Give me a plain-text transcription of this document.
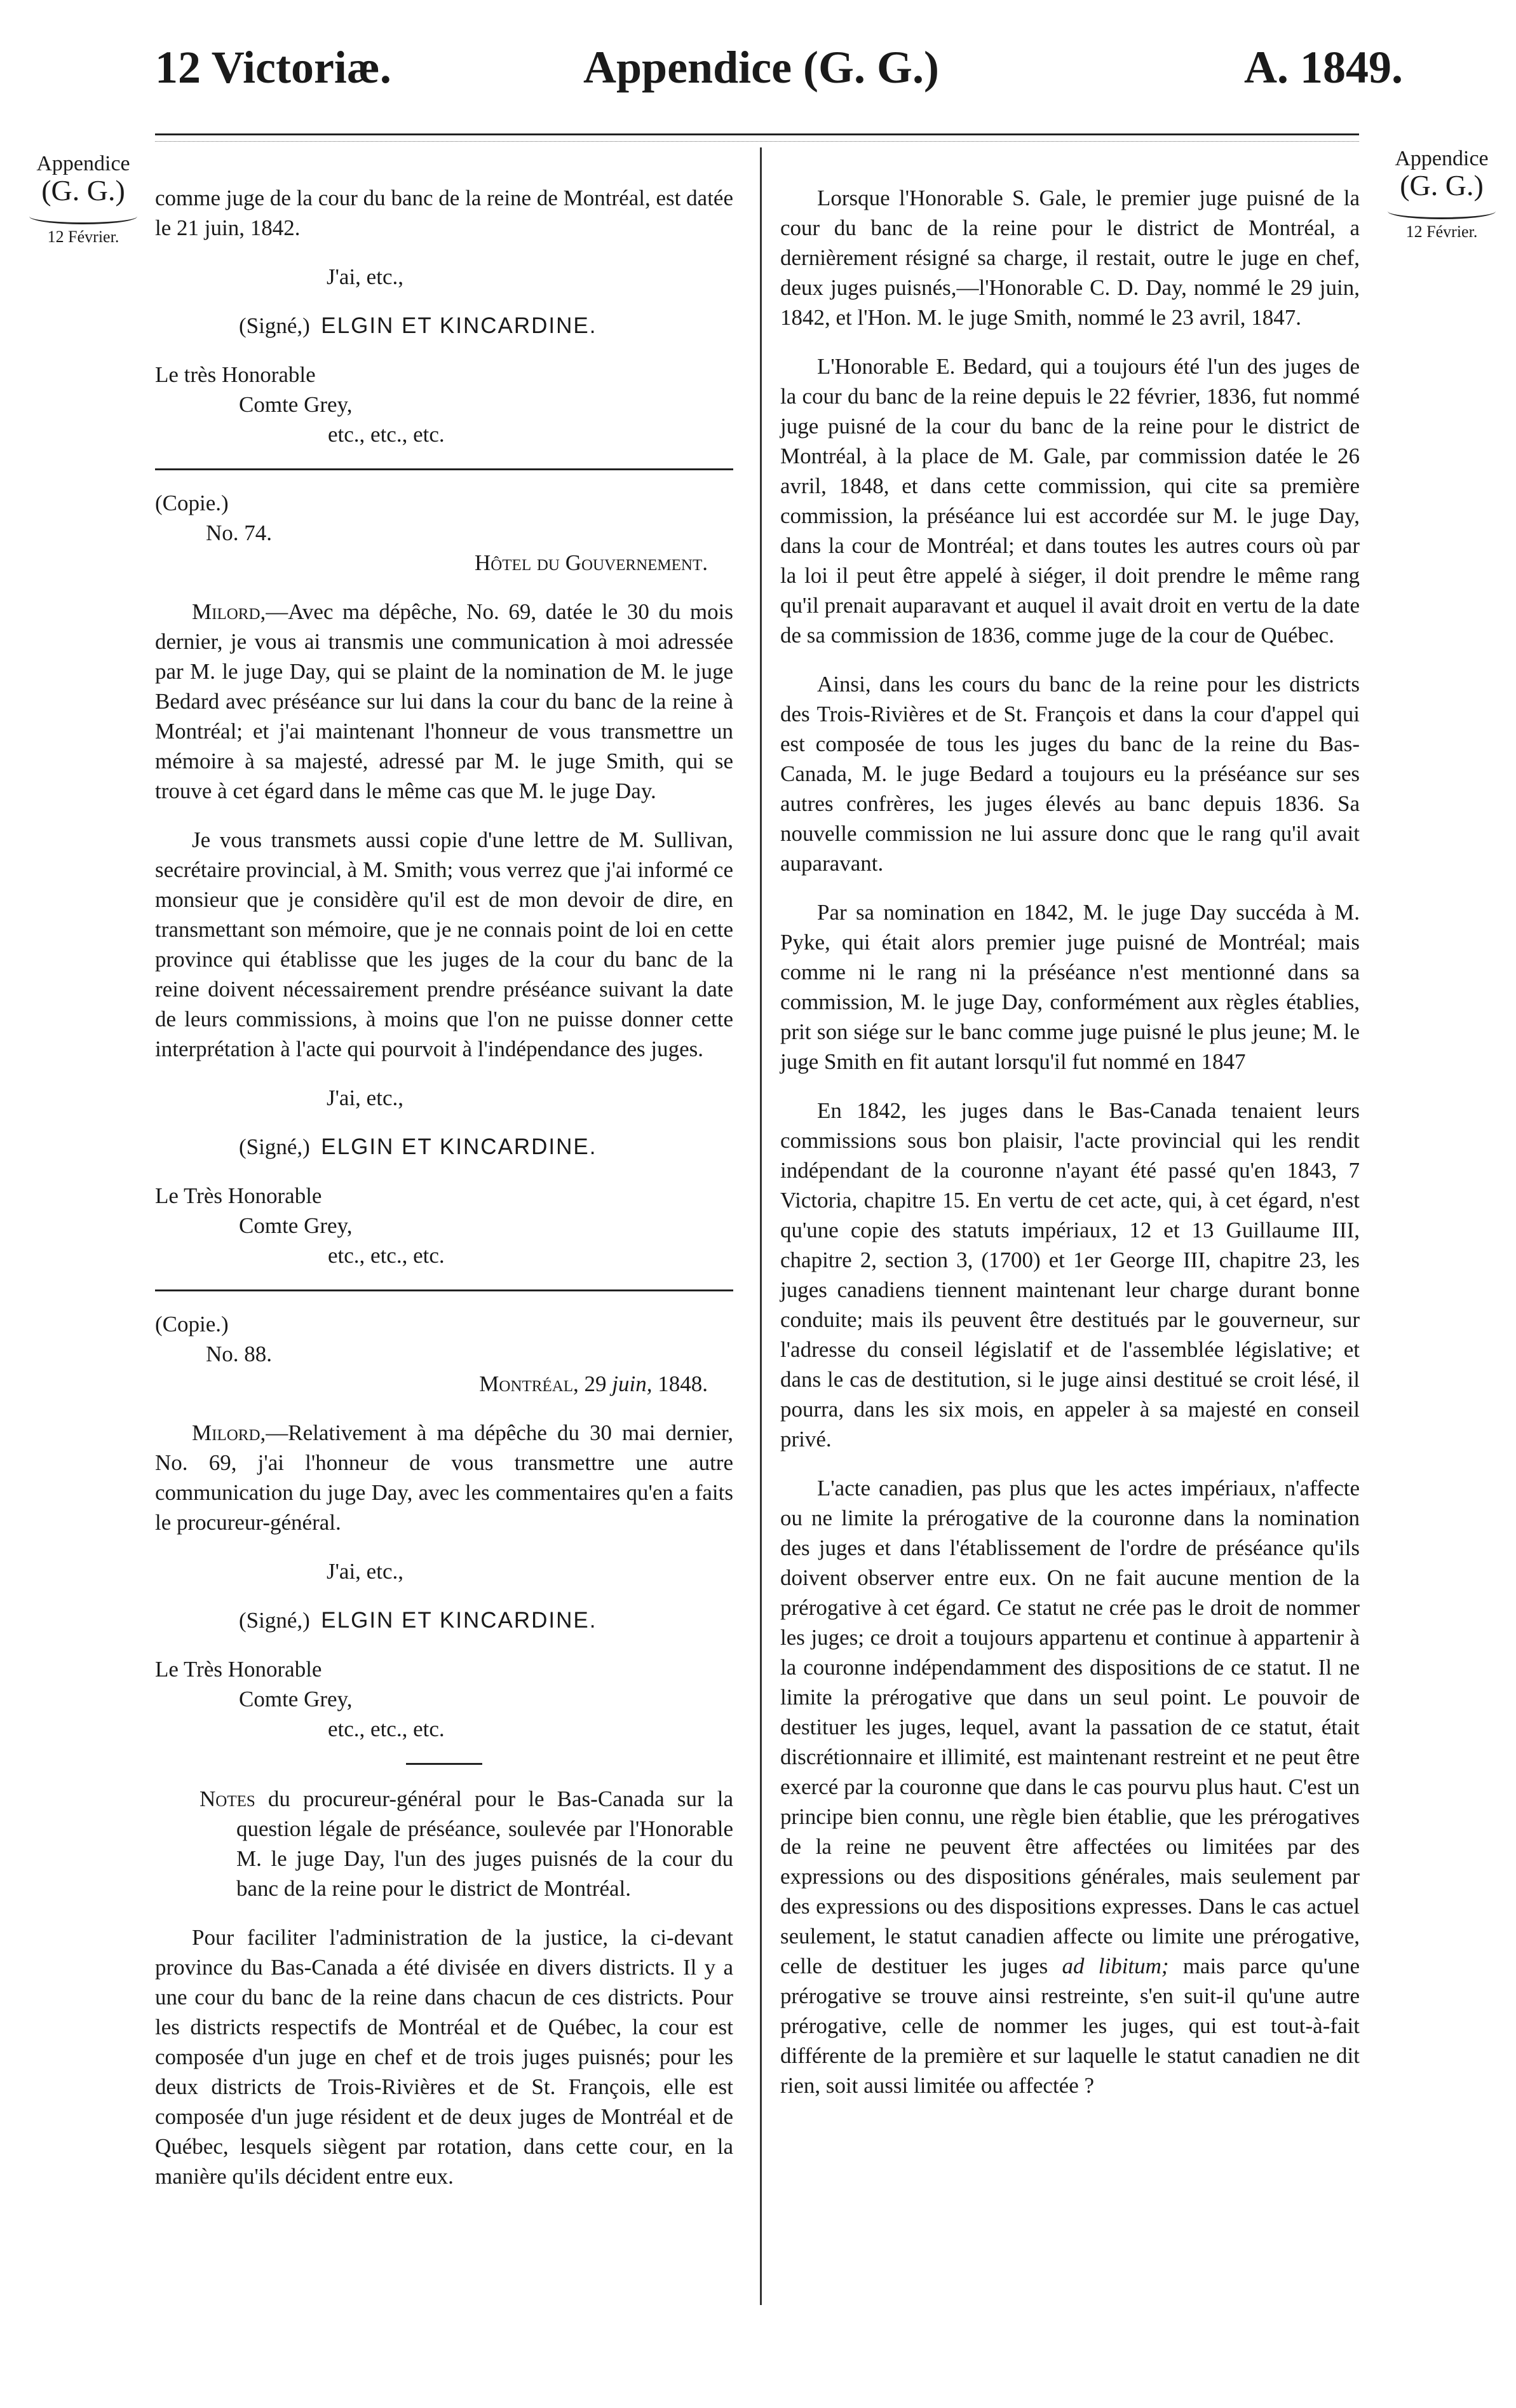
12 Victoriæ.	Appendice (G. G.)	A. 1849.
Appendice
(G. G.)
12 Février.
Appendice
(G. G.)
12 Février.

comme juge de la cour du banc de la reine de Montréal, est datée le 21 juin, 1842.

J'ai, etc.,

(Signé,) ELGIN ET KINCARDINE.

Le très Honorable

Comte Grey,

etc., etc., etc.

(Copie.)

No. 74.

Hôtel du Gouvernement.

Milord,—Avec ma dépêche, No. 69, datée le 30 du mois dernier, je vous ai transmis une communication à moi adressée par M. le juge Day, qui se plaint de la nomination de M. le juge Bedard avec préséance sur lui dans la cour du banc de la reine à Montréal; et j'ai maintenant l'honneur de vous transmettre un mémoire à sa majesté, adressé par M. le juge Smith, qui se trouve à cet égard dans le même cas que M. le juge Day.

Je vous transmets aussi copie d'une lettre de M. Sullivan, secrétaire provincial, à M. Smith; vous verrez que j'ai informé ce monsieur que je considère qu'il est de mon devoir de dire, en transmettant son mémoire, que je ne connais point de loi en cette province qui établisse que les juges de la cour du banc de la reine doivent nécessairement prendre préséance suivant la date de leurs commissions, à moins que l'on ne puisse donner cette interprétation à l'acte qui pourvoit à l'indépendance des juges.

J'ai, etc.,

(Signé,) ELGIN ET KINCARDINE.

Le Très Honorable

Comte Grey,

etc., etc., etc.

(Copie.)

No. 88.

Montréal, 29 juin, 1848.

Milord,—Relativement à ma dépêche du 30 mai dernier, No. 69, j'ai l'honneur de vous transmettre une autre communication du juge Day, avec les commentaires qu'en a faits le procureur-général.

J'ai, etc.,

(Signé,) ELGIN ET KINCARDINE.

Le Très Honorable

Comte Grey,

etc., etc., etc.

Notes du procureur-général pour le Bas-Canada sur la question légale de préséance, soulevée par l'Honorable M. le juge Day, l'un des juges puisnés de la cour du banc de la reine pour le district de Montréal.

Pour faciliter l'administration de la justice, la ci-devant province du Bas-Canada a été divisée en divers districts. Il y a une cour du banc de la reine dans chacun de ces districts. Pour les districts respectifs de Montréal et de Québec, la cour est composée d'un juge en chef et de trois juges puisnés; pour les deux districts de Trois-Rivières et de St. François, elle est composée d'un juge résident et de deux juges de Montréal et de Québec, lesquels siègent par rotation, dans cette cour, en la manière qu'ils décident entre eux.

Lorsque l'Honorable S. Gale, le premier juge puisné de la cour du banc de la reine pour le district de Montréal, a dernièrement résigné sa charge, il restait, outre le juge en chef, deux juges puisnés,—l'Honorable C. D. Day, nommé le 29 juin, 1842, et l'Hon. M. le juge Smith, nommé le 23 avril, 1847.

L'Honorable E. Bedard, qui a toujours été l'un des juges de la cour du banc de la reine depuis le 22 février, 1836, fut nommé juge puisné de la cour du banc de la reine pour le district de Montréal, à la place de M. Gale, par commission datée le 26 avril, 1848, et dans cette commission, qui cite sa première commission, la préséance lui est accordée sur M. le juge Day, dans la cour de Montréal; et dans toutes les autres cours où par la loi il peut être appelé à siéger, il doit prendre le même rang qu'il prenait auparavant et auquel il avait droit en vertu de la date de sa commission de 1836, comme juge de la cour de Québec.

Ainsi, dans les cours du banc de la reine pour les districts des Trois-Rivières et de St. François et dans la cour d'appel qui est composée de tous les juges du banc de la reine du Bas-Canada, M. le juge Bedard a toujours eu la préséance sur ses autres confrères, les juges élevés au banc depuis 1836. Sa nouvelle commission ne lui assure donc que le rang qu'il avait auparavant.

Par sa nomination en 1842, M. le juge Day succéda à M. Pyke, qui était alors premier juge puisné de Montréal; mais comme ni le rang ni la préséance n'est mentionné dans sa commission, M. le juge Day, conformément aux règles établies, prit son siége sur le banc comme juge puisné le plus jeune; M. le juge Smith en fit autant lorsqu'il fut nommé en 1847

En 1842, les juges dans le Bas-Canada tenaient leurs commissions sous bon plaisir, l'acte provincial qui les rendit indépendant de la couronne n'ayant été passé qu'en 1843, 7 Victoria, chapitre 15. En vertu de cet acte, qui, à cet égard, n'est qu'une copie des statuts impériaux, 12 et 13 Guillaume III, chapitre 2, section 3, (1700) et 1er George III, chapitre 23, les juges canadiens tiennent maintenant leur charge durant bonne conduite; mais ils peuvent être destitués par le gouverneur, sur l'adresse du conseil législatif et de l'assemblée législative; et dans le cas de destitution, si le juge ainsi destitué se croit lésé, il pourra, dans les six mois, en appeler à sa majesté en conseil privé.

L'acte canadien, pas plus que les actes impériaux, n'affecte ou ne limite la prérogative de la couronne dans la nomination des juges et dans l'établissement de l'ordre de préséance qu'ils doivent observer entre eux. On ne fait aucune mention de la prérogative à cet égard. Ce statut ne crée pas le droit de nommer les juges; ce droit a toujours appartenu et continue à appartenir à la couronne indépendamment des dispositions de ce statut. Il ne limite la prérogative que dans un seul point. Le pouvoir de destituer les juges, lequel, avant la passation de ce statut, était discrétionnaire et illimité, est maintenant restreint et ne peut être exercé par la couronne que dans le cas pourvu plus haut. C'est un principe bien connu, une règle bien établie, que les prérogatives de la reine ne peuvent être affectées ou limitées par des expressions ou des dispositions générales, mais seulement par des expressions ou des dispositions expresses. Dans le cas actuel seulement, le statut canadien affecte ou limite une prérogative, celle de destituer les juges ad libitum; mais parce qu'une prérogative se trouve ainsi restreinte, s'en suit-il qu'une autre prérogative, celle de nommer les juges, qui est tout-à-fait différente de la première et sur laquelle le statut canadien ne dit rien, soit aussi limitée ou affectée ?
